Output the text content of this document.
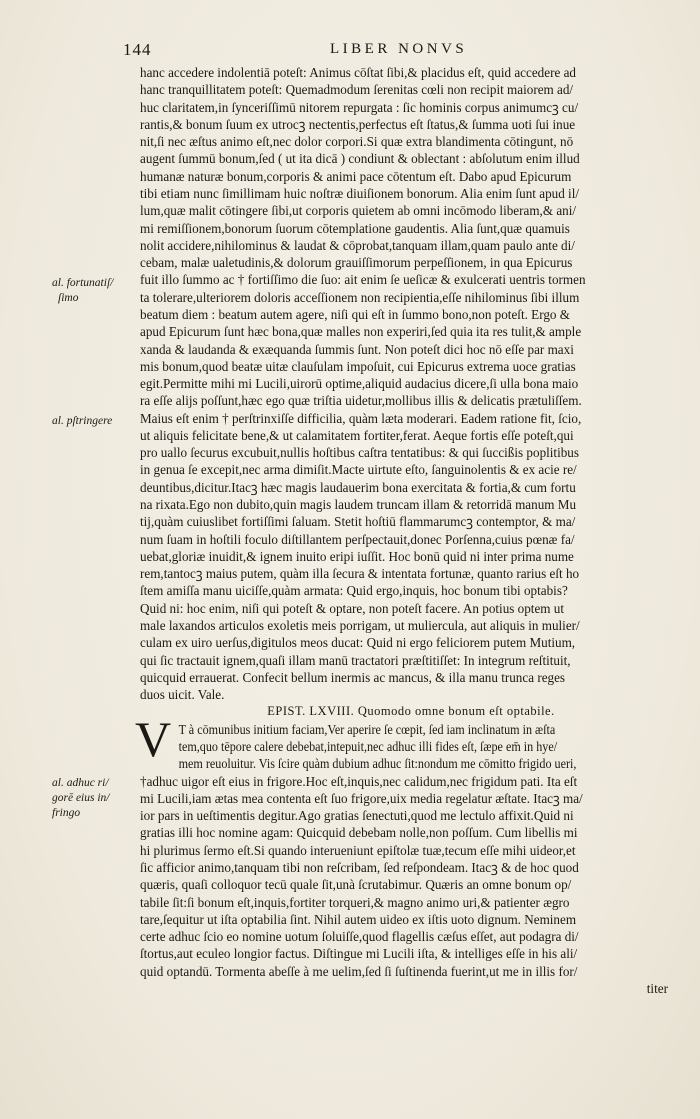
144	LIBER NONVS
al. fortunatiſ/
ſimo
al. pſtringere
al. adhuc ri/
gorē eius in/
fringo
V
hanc accedere indolentiā poteſt: Animus cōſtat ſibi,& placidus eſt, quid accedere ad
hanc tranquillitatem poteſt: Quemadmodum ſerenitas cœli non recipit maiorem ad/
huc claritatem,in ſynceriſſimū nitorem repurgata : ſic hominis corpus animumcꝫ cu/
rantis,& bonum ſuum ex utrocꝫ nectentis,perfectus eſt ſtatus,& ſumma uoti ſui inue
nit,ſi nec æſtus animo eſt,nec dolor corpori.Si quæ extra blandimenta cōtingunt, nō
augent ſummū bonum,ſed ( ut ita dicā ) condiunt & oblectant : abſolutum enim illud
humanæ naturæ bonum,corporis & animi pace cōtentum eſt. Dabo apud Epicurum
tibi etiam nunc ſimillimam huic noſtræ diuiſionem bonorum. Alia enim ſunt apud il/
lum,quæ malit cōtingere ſibi,ut corporis quietem ab omni incōmodo liberam,& ani/
mi remiſſionem,bonorum ſuorum cōtemplatione gaudentis. Alia ſunt,quæ quamuis
nolit accidere,nihilominus & laudat & cōprobat,tanquam illam,quam paulo ante di/
cebam, malæ ualetudinis,& dolorum grauiſſimorum perpeſſionem, in qua Epicurus
fuit illo ſummo ac † fortiſſimo die ſuo: ait enim ſe ueſicæ & exulcerati uentris tormen
ta tolerare,ulteriorem doloris acceſſionem non recipientia,eſſe nihilominus ſibi illum
beatum diem : beatum autem agere, niſi qui eſt in ſummo bono,non poteſt. Ergo &
apud Epicurum ſunt hæc bona,quæ malles non experiri,ſed quia ita res tulit,& ample
xanda & laudanda & exæquanda ſummis ſunt. Non poteſt dici hoc nō eſſe par maxi
mis bonum,quod beatæ uitæ clauſulam impoſuit, cui Epicurus extrema uoce gratias
egit.Permitte mihi mi Lucili,uirorū optime,aliquid audacius dicere,ſi ulla bona maio
ra eſſe alijs poſſunt,hæc ego quæ triſtia uidetur,mollibus illis & delicatis prætuliſſem.
Maius eſt enim † perſtrinxiſſe difficilia, quàm læta moderari. Eadem ratione fit, ſcio,
ut aliquis felicitate bene,& ut calamitatem fortiter,ferat. Aeque fortis eſſe poteſt,qui
pro uallo ſecurus excubuit,nullis hoſtibus caſtra tentatibus: & qui ſuccißis poplitibus
in genua ſe excepit,nec arma dimiſit.Macte uirtute eſto, ſanguinolentis & ex acie re/
deuntibus,dicitur.Itacꝫ hæc magis laudauerim bona exercitata & fortia,& cum fortu
na rixata.Ego non dubito,quin magis laudem truncam illam & retorridā manum Mu
tij,quàm cuiuslibet fortiſſimi ſaluam. Stetit hoſtiū flammarumcꝫ contemptor, & ma/
num ſuam in hoſtili foculo diſtillantem perſpectauit,donec Porſenna,cuius pœnæ fa/
uebat,gloriæ inuidit,& ignem inuito eripi iuſſit. Hoc bonū quid ni inter prima nume
rem,tantocꝫ maius putem, quàm illa ſecura & intentata fortunæ, quanto rarius eſt ho
ſtem amiſſa manu uiciſſe,quàm armata: Quid ergo,inquis, hoc bonum tibi optabis?
Quid ni: hoc enim, niſi qui poteſt & optare, non poteſt facere. An potius optem ut
male laxandos articulos exoletis meis porrigam, ut muliercula, aut aliquis in mulier/
culam ex uiro uerſus,digitulos meos ducat: Quid ni ergo feliciorem putem Mutium,
qui ſic tractauit ignem,quaſi illam manū tractatori præſtitiſſet: In integrum reſtituit,
quicquid errauerat. Confecit bellum inermis ac mancus, & illa manu trunca reges
duos uicit. Vale.
EPIST. LXVIII. Quomodo omne bonum eſt optabile.
T à cōmunibus initium faciam,Ver aperire ſe cœpit, ſed iam inclinatum in æſta
tem,quo tēpore calere debebat,intepuit,nec adhuc illi fides eſt, ſæpe em̄ in hye/
mem reuoluitur. Vis ſcire quàm dubium adhuc ſit:nondum me cōmitto frigido ueri,
†adhuc uigor eſt eius in frigore.Hoc eſt,inquis,nec calidum,nec frigidum pati. Ita eſt
mi Lucili,iam ætas mea contenta eſt ſuo frigore,uix media regelatur æſtate. Itacꝫ ma/
ior pars in ueſtimentis degitur.Ago gratias ſenectuti,quod me lectulo affixit.Quid ni
gratias illi hoc nomine agam: Quicquid debebam nolle,non poſſum. Cum libellis mi
hi plurimus ſermo eſt.Si quando interueniunt epiſtolæ tuæ,tecum eſſe mihi uideor,et
ſic afficior animo,tanquam tibi non reſcribam, ſed reſpondeam. Itacꝫ & de hoc quod
quæris, quaſi colloquor tecū quale ſit,unà ſcrutabimur. Quæris an omne bonum op/
tabile ſit:ſi bonum eſt,inquis,fortiter torqueri,& magno animo uri,& patienter ægro
tare,ſequitur ut iſta optabilia ſint. Nihil autem uideo ex iſtis uoto dignum. Neminem
certe adhuc ſcio eo nomine uotum ſoluiſſe,quod flagellis cæſus eſſet, aut podagra di/
ſtortus,aut eculeo longior factus. Diſtingue mi Lucili iſta, & intelliges eſſe in his ali/
quid optandū. Tormenta abeſſe à me uelim,ſed ſi ſuſtinenda fuerint,ut me in illis for/
titer
